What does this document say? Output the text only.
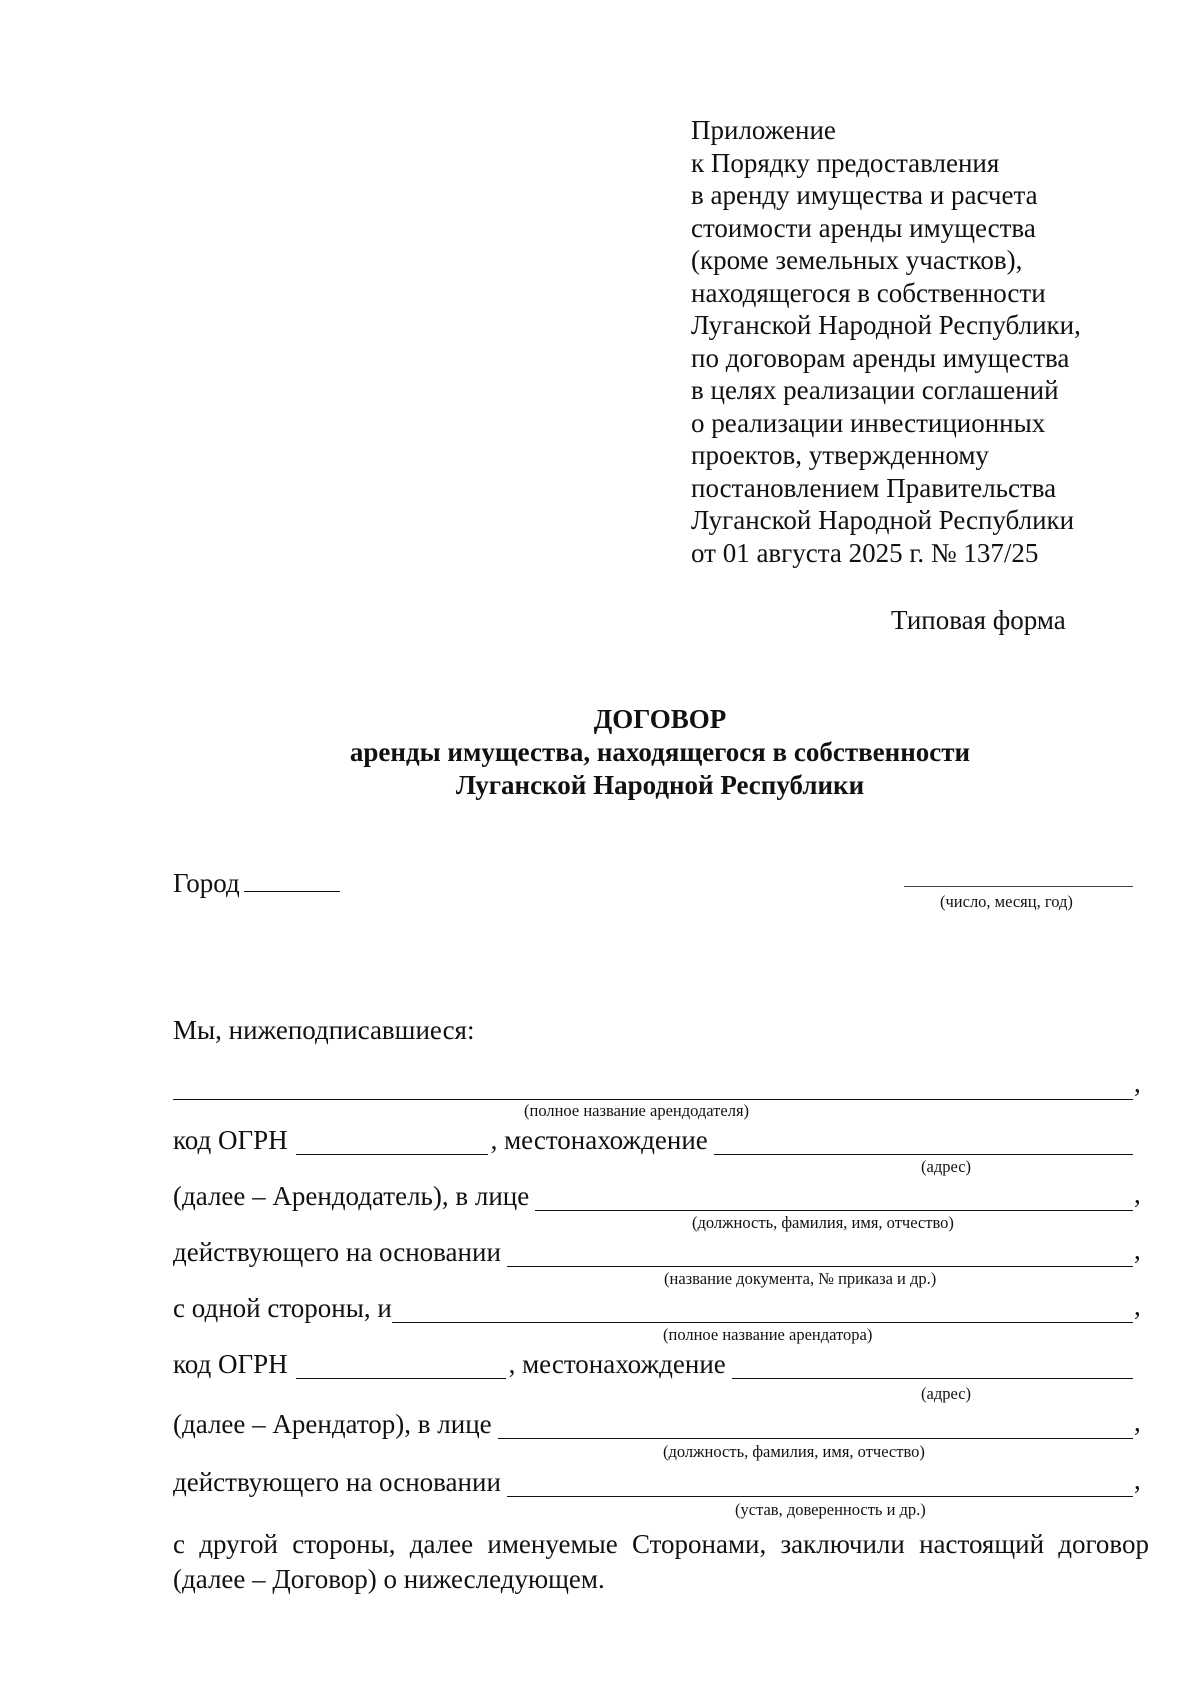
Приложение
к Порядку предоставления
в аренду имущества и расчета
стоимости аренды имущества
(кроме земельных участков),
находящегося в собственности
Луганской Народной Республики,
по договорам аренды имущества
в целях реализации соглашений
о реализации инвестиционных
проектов, утвержденному
постановлением Правительства
Луганской Народной Республики
от 01 августа 2025 г. № 137/25
Типовая форма
ДОГОВОР
аренды имущества, находящегося в собственности
Луганской Народной Республики
Город
(число, месяц, год)
Мы, нижеподписавшиеся:
,
(полное название арендодателя)
код ОГРН	, местонахождение
(адрес)
(далее – Арендодатель), в лице	,
(должность, фамилия, имя, отчество)
действующего на основании	,
(название документа, № приказа и др.)
с одной стороны, и	,
(полное название арендатора)
код ОГРН	, местонахождение
(адрес)
(далее – Арендатор), в лице	,
(должность, фамилия, имя, отчество)
действующего на основании	,
(устав, доверенность и др.)
с другой стороны, далее именуемые Сторонами, заключили настоящий договор
(далее – Договор) о нижеследующем.
